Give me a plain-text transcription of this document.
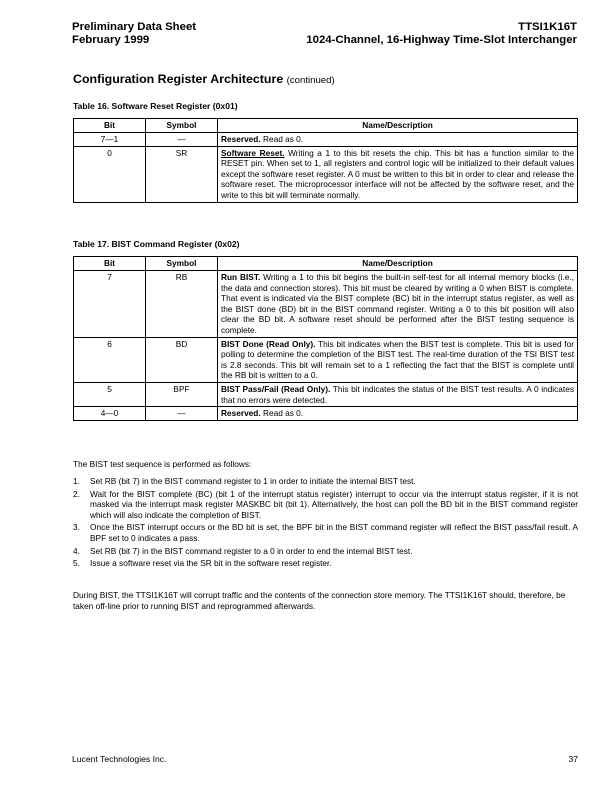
Preliminary Data Sheet
February 1999
TTSI1K16T
1024-Channel, 16-Highway Time-Slot Interchanger
Configuration Register Architecture (continued)
Table 16. Software Reset Register (0x01)
Bit	Symbol	Name/Description
7—1	—	Reserved. Read as 0.
0	SR	Software Reset. Writing a 1 to this bit resets the chip. This bit has a function similar to the RESET pin. When set to 1, all registers and control logic will be initialized to their default values except the software reset register. A 0 must be written to this bit in order to clear and release the software reset. The microprocessor interface will not be affected by the software reset, and the write to this bit will terminate normally.
Table 17. BIST Command Register (0x02)
Bit	Symbol	Name/Description
7	RB	Run BIST. Writing a 1 to this bit begins the built-in self-test for all internal memory blocks (i.e., the data and connection stores). This bit must be cleared by writing a 0 when BIST is complete. That event is indicated via the BIST complete (BC) bit in the interrupt status register, as well as the BIST done (BD) bit in the BIST command register. Writing a 0 to this bit position will also clear the BD bit. A software reset should be performed after the BIST testing sequence is complete.
6	BD	BIST Done (Read Only). This bit indicates when the BIST test is complete. This bit is used for polling to determine the completion of the BIST test. The real-time duration of the TSI BIST test is 2.8 seconds. This bit will remain set to a 1 reflecting the fact that the BIST is complete until the RB bit is written to a 0.
5	BPF	BIST Pass/Fail (Read Only). This bit indicates the status of the BIST test results. A 0 indicates that no errors were detected.
4—0	—	Reserved. Read as 0.
The BIST test sequence is performed as follows:
1. Set RB (bit 7) in the BIST command register to 1 in order to initiate the internal BIST test.
2. Wait for the BIST complete (BC) (bit 1 of the interrupt status register) interrupt to occur via the interrupt status register, if it is not masked via the interrupt mask register MASKBC bit (bit 1). Alternatively, the host can poll the BD bit in the BIST command register which will also indicate the completion of BIST.
3. Once the BIST interrupt occurs or the BD bit is set, the BPF bit in the BIST command register will reflect the BIST pass/fail result. A BPF set to 0 indicates a pass.
4. Set RB (bit 7) in the BIST command register to a 0 in order to end the internal BIST test.
5. Issue a software reset via the SR bit in the software reset register.
During BIST, the TTSI1K16T will corrupt traffic and the contents of the connection store memory. The TTSI1K16T should, therefore, be taken off-line prior to running BIST and reprogrammed afterwards.
Lucent Technologies Inc.	37
